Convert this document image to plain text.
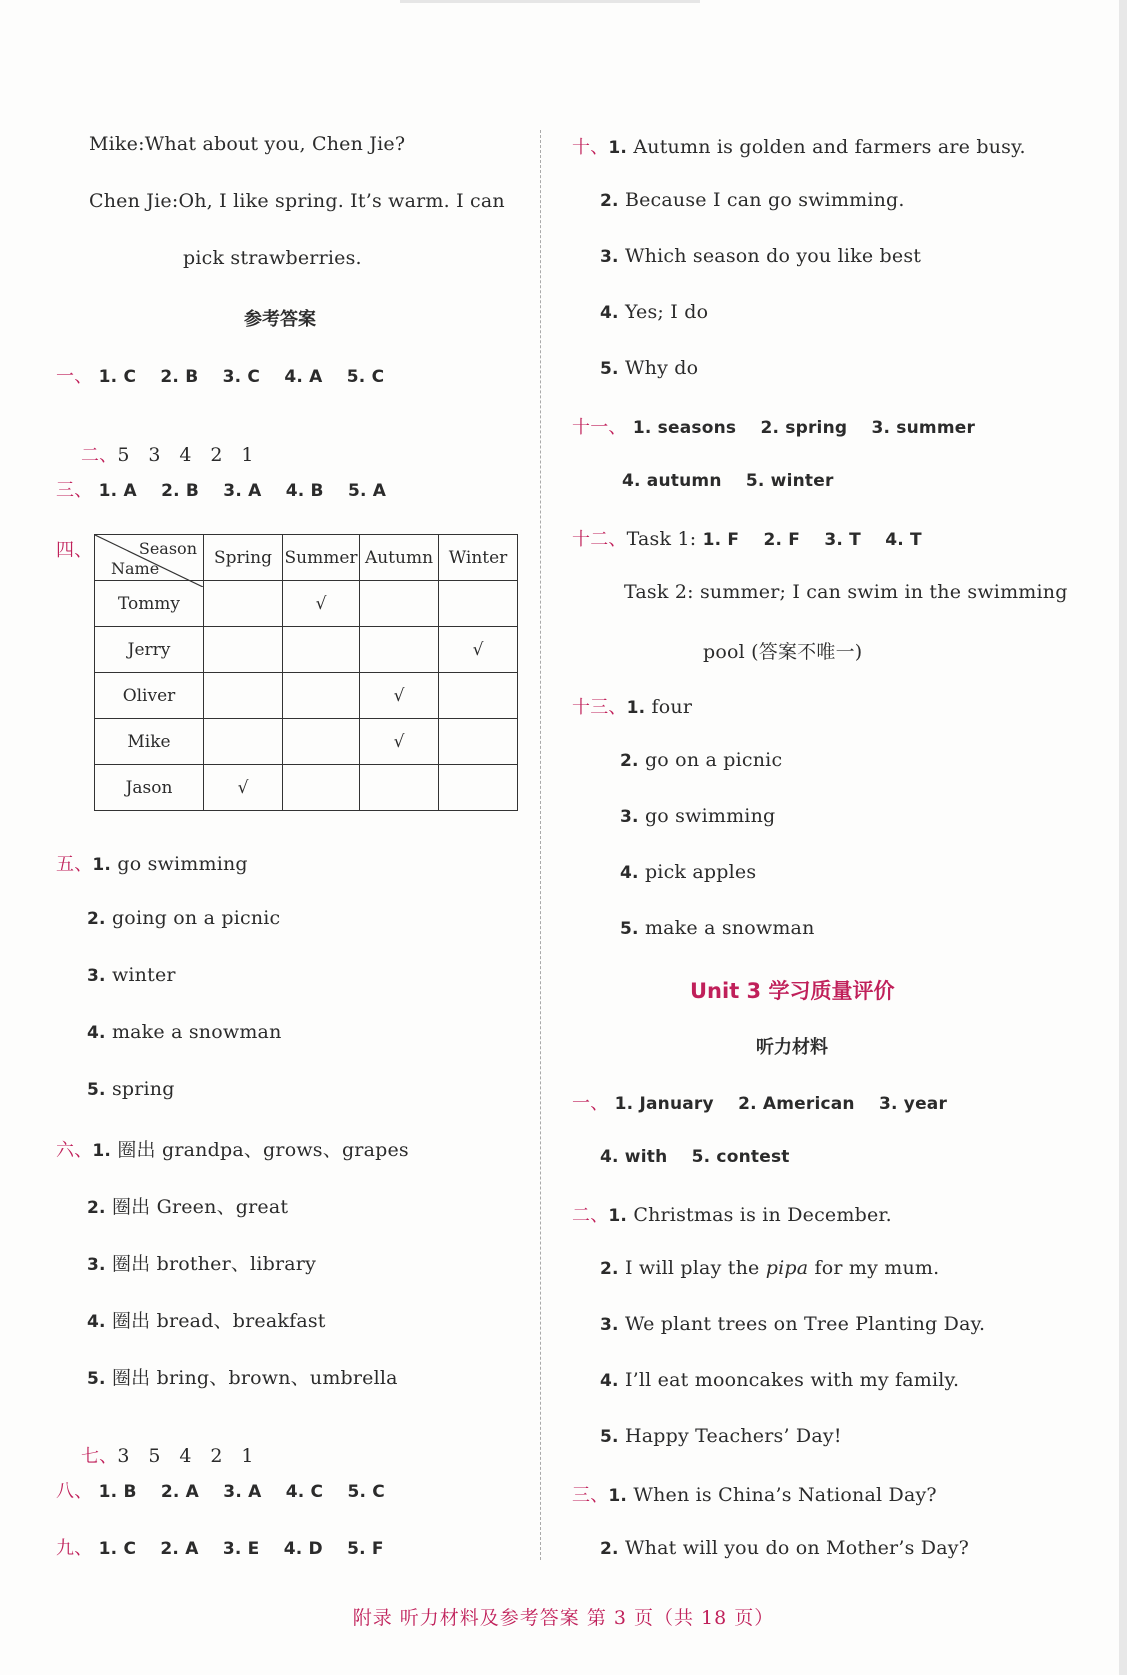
Mike:What about you, Chen Jie?
Chen Jie:Oh, I like spring. It’s warm. I can
pick strawberries.
参考答案
一、 1. C 2. B 3. C 4. A 5. C

二、5   3   4   2   1

三、 1. A 2. B 3. A 4. B 5. A
四、	Season
Name	Spring	Summer	Autumn	Winter
Tommy		√		
Jerry				√
Oliver			√	
Mike			√	
Jason	√			
五、1. go swimming
2. going on a picnic
3. winter
4. make a snowman
5. spring
六、1. 圈出 grandpa、grows、grapes
2. 圈出 Green、great
3. 圈出 brother、library
4. 圈出 bread、breakfast
5. 圈出 bring、brown、umbrella

七、3   5   4   2   1

八、 1. B 2. A 3. A 4. C 5. C
九、 1. C 2. A 3. E 4. D 5. F
十、1. Autumn is golden and farmers are busy.
2. Because I can go swimming.
3. Which season do you like best
4. Yes; I do
5. Why do
十一、 1. seasons 2. spring 3. summer
4. autumn 5. winter
十二、Task 1: 1. F 2. F 3. T 4. T
Task 2: summer; I can swim in the swimming
pool (答案不唯一)
十三、1. four
2. go on a picnic
3. go swimming
4. pick apples
5. make a snowman
Unit 3 学习质量评价
听力材料
一、 1. January 2. American 3. year
4. with 5. contest
二、1. Christmas is in December.
2. I will play the pipa for my mum.
3. We plant trees on Tree Planting Day.
4. I’ll eat mooncakes with my family.
5. Happy Teachers’ Day!
三、1. When is China’s National Day?
2. What will you do on Mother’s Day?
附录 听力材料及参考答案 第 3 页（共 18 页）
